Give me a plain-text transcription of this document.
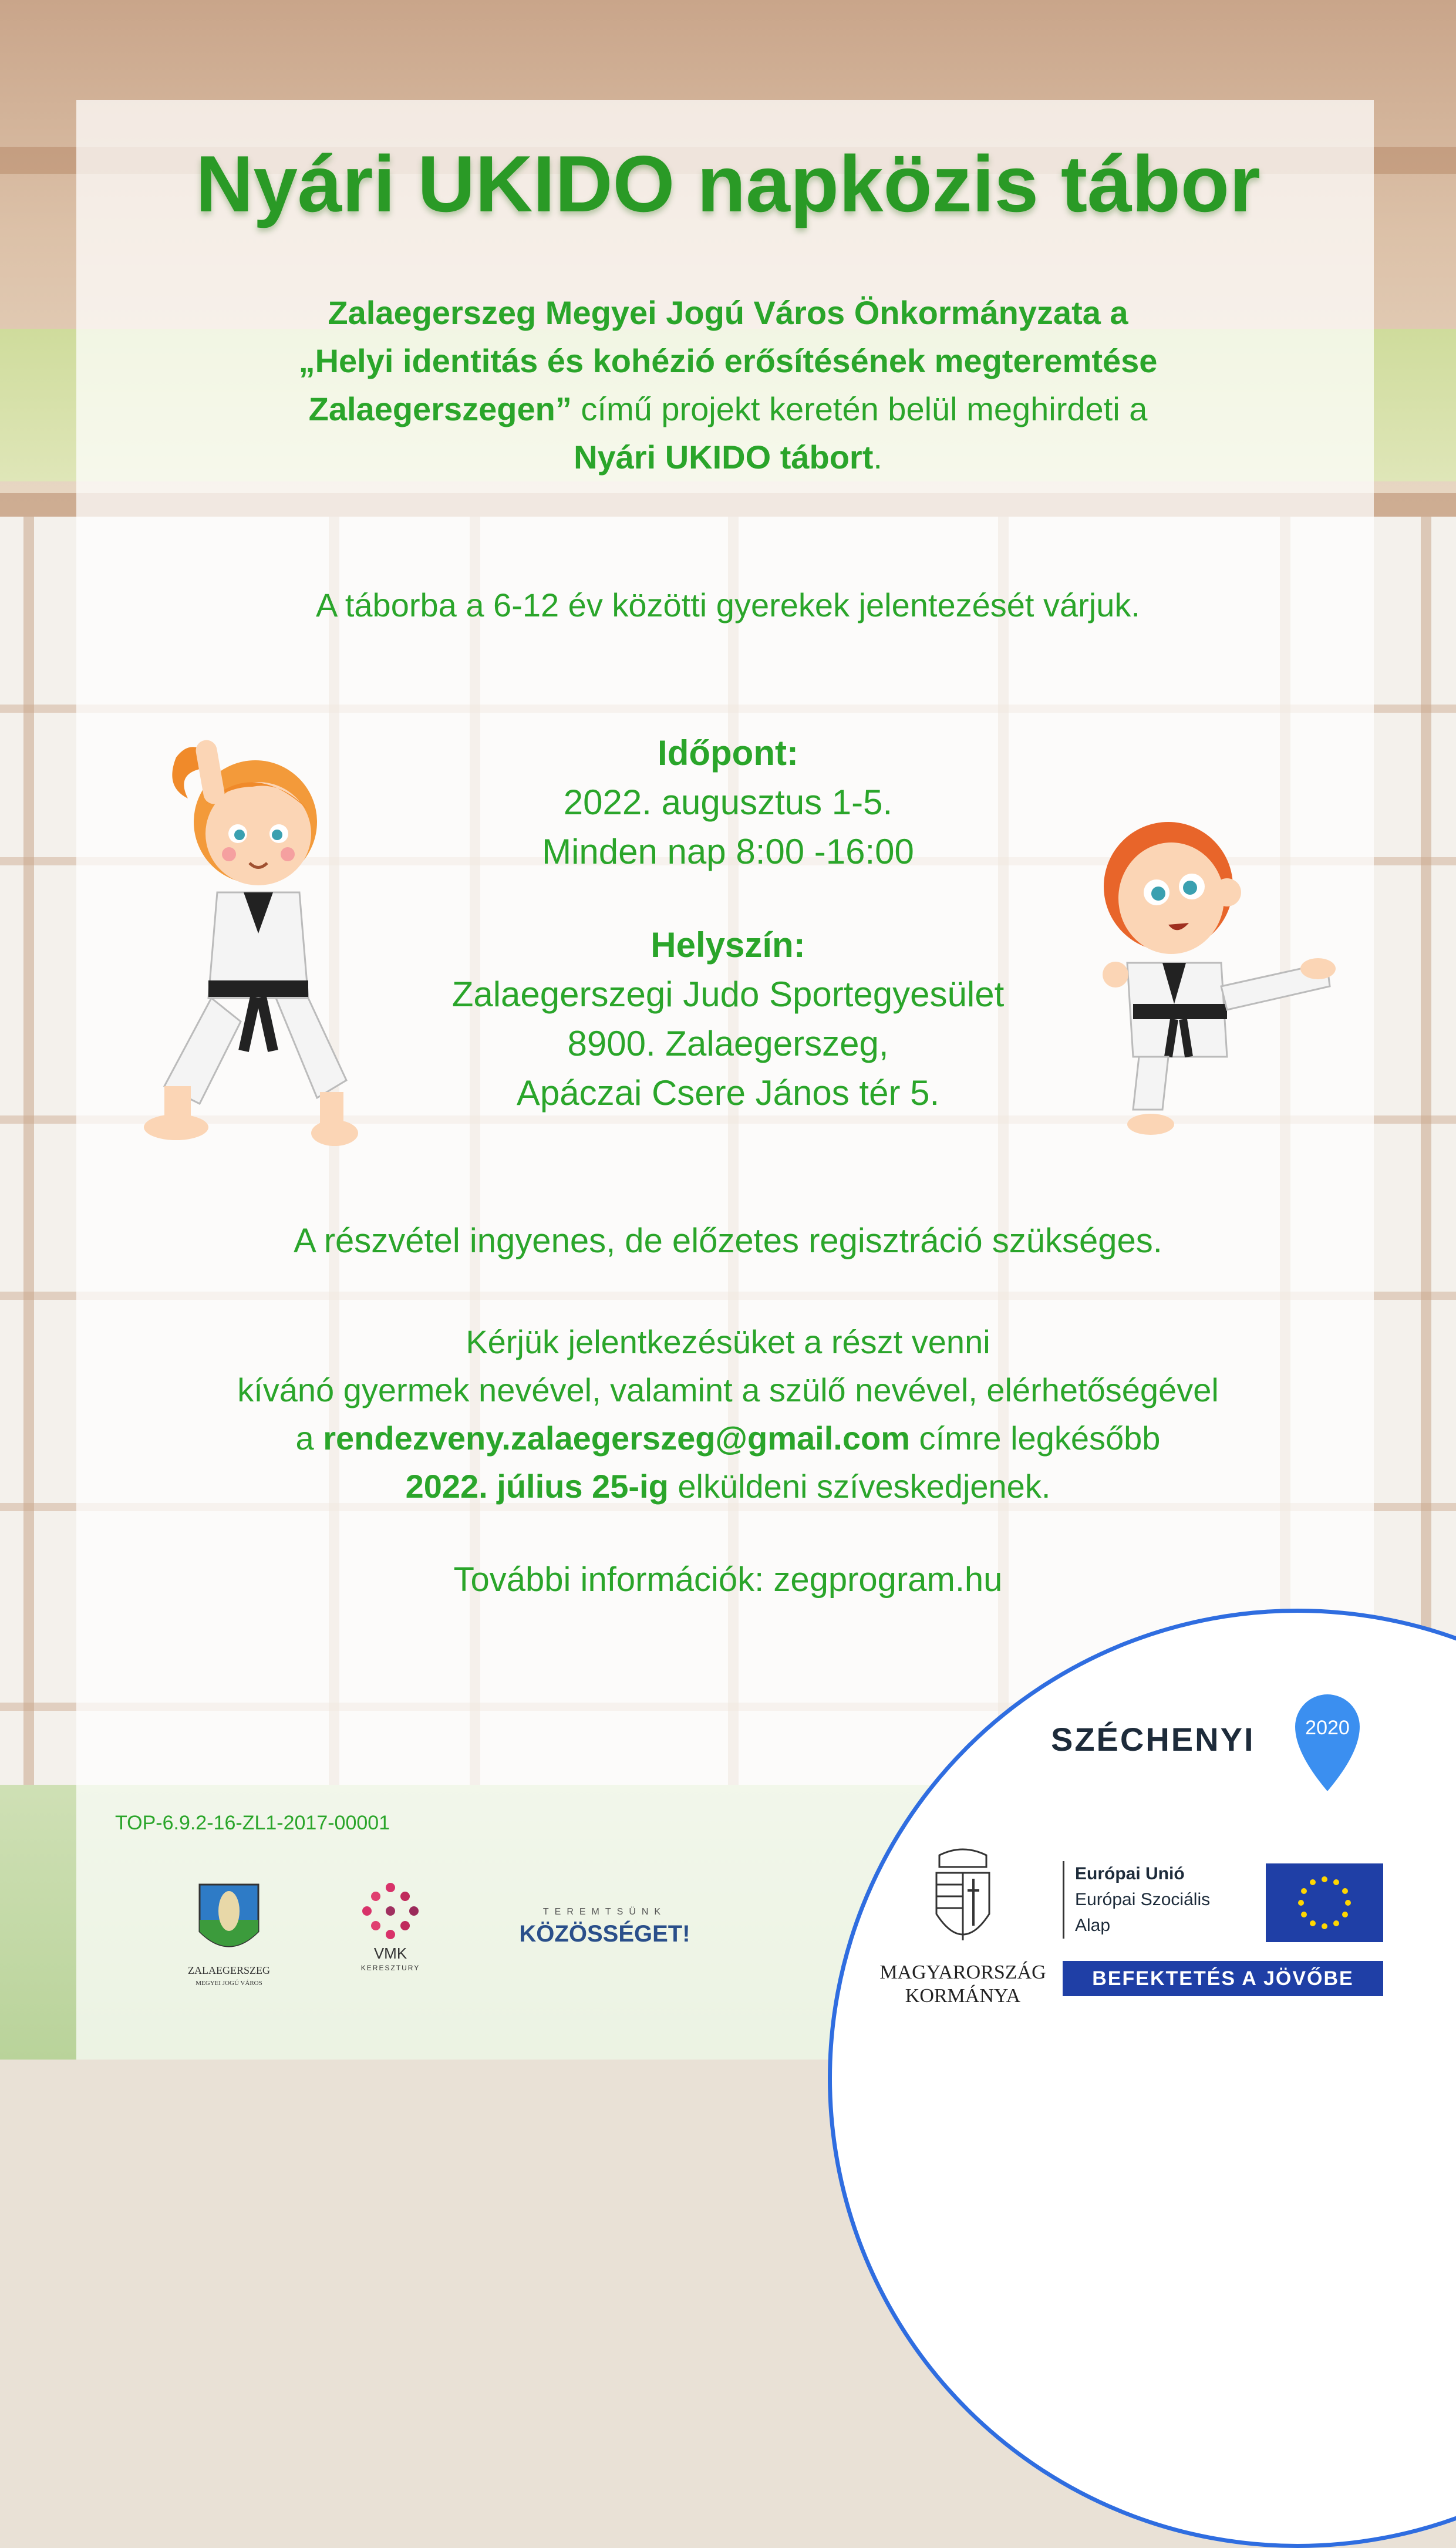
Nyári UKIDO napközis tábor
Zalaegerszeg Megyei Jogú Város Önkormányzata a
„Helyi identitás és kohézió erősítésének megteremtése
Zalaegerszegen” című projekt keretén belül meghirdeti a
Nyári UKIDO tábort.
A táborba a 6-12 év közötti gyerekek jelentezését várjuk.
Időpont:
2022. augusztus 1-5.
Minden nap 8:00 -16:00
Helyszín:
Zalaegerszegi Judo Sportegyesület
8900. Zalaegerszeg,
Apáczai Csere János tér 5.
A részvétel ingyenes, de előzetes regisztráció szükséges.
Kérjük jelentkezésüket a részt venni
kívánó gyermek nevével, valamint a szülő nevével, elérhetőségével
a rendezveny.zalaegerszeg@gmail.com címre legkésőbb
2022. július 25-ig elküldeni szíveskedjenek.
További információk: zegprogram.hu
TOP-6.9.2-16-ZL1-2017-00001
ZALAEGERSZEG
MEGYEI JOGÚ VÁROS
VMK
KERESZTURY
TEREMTSÜNK
KÖZÖSSÉGET!
SZÉCHENYI	2020
MAGYARORSZÁG
KORMÁNYA
Európai Unió
Európai Szociális
Alap
BEFEKTETÉS A JÖVŐBE
